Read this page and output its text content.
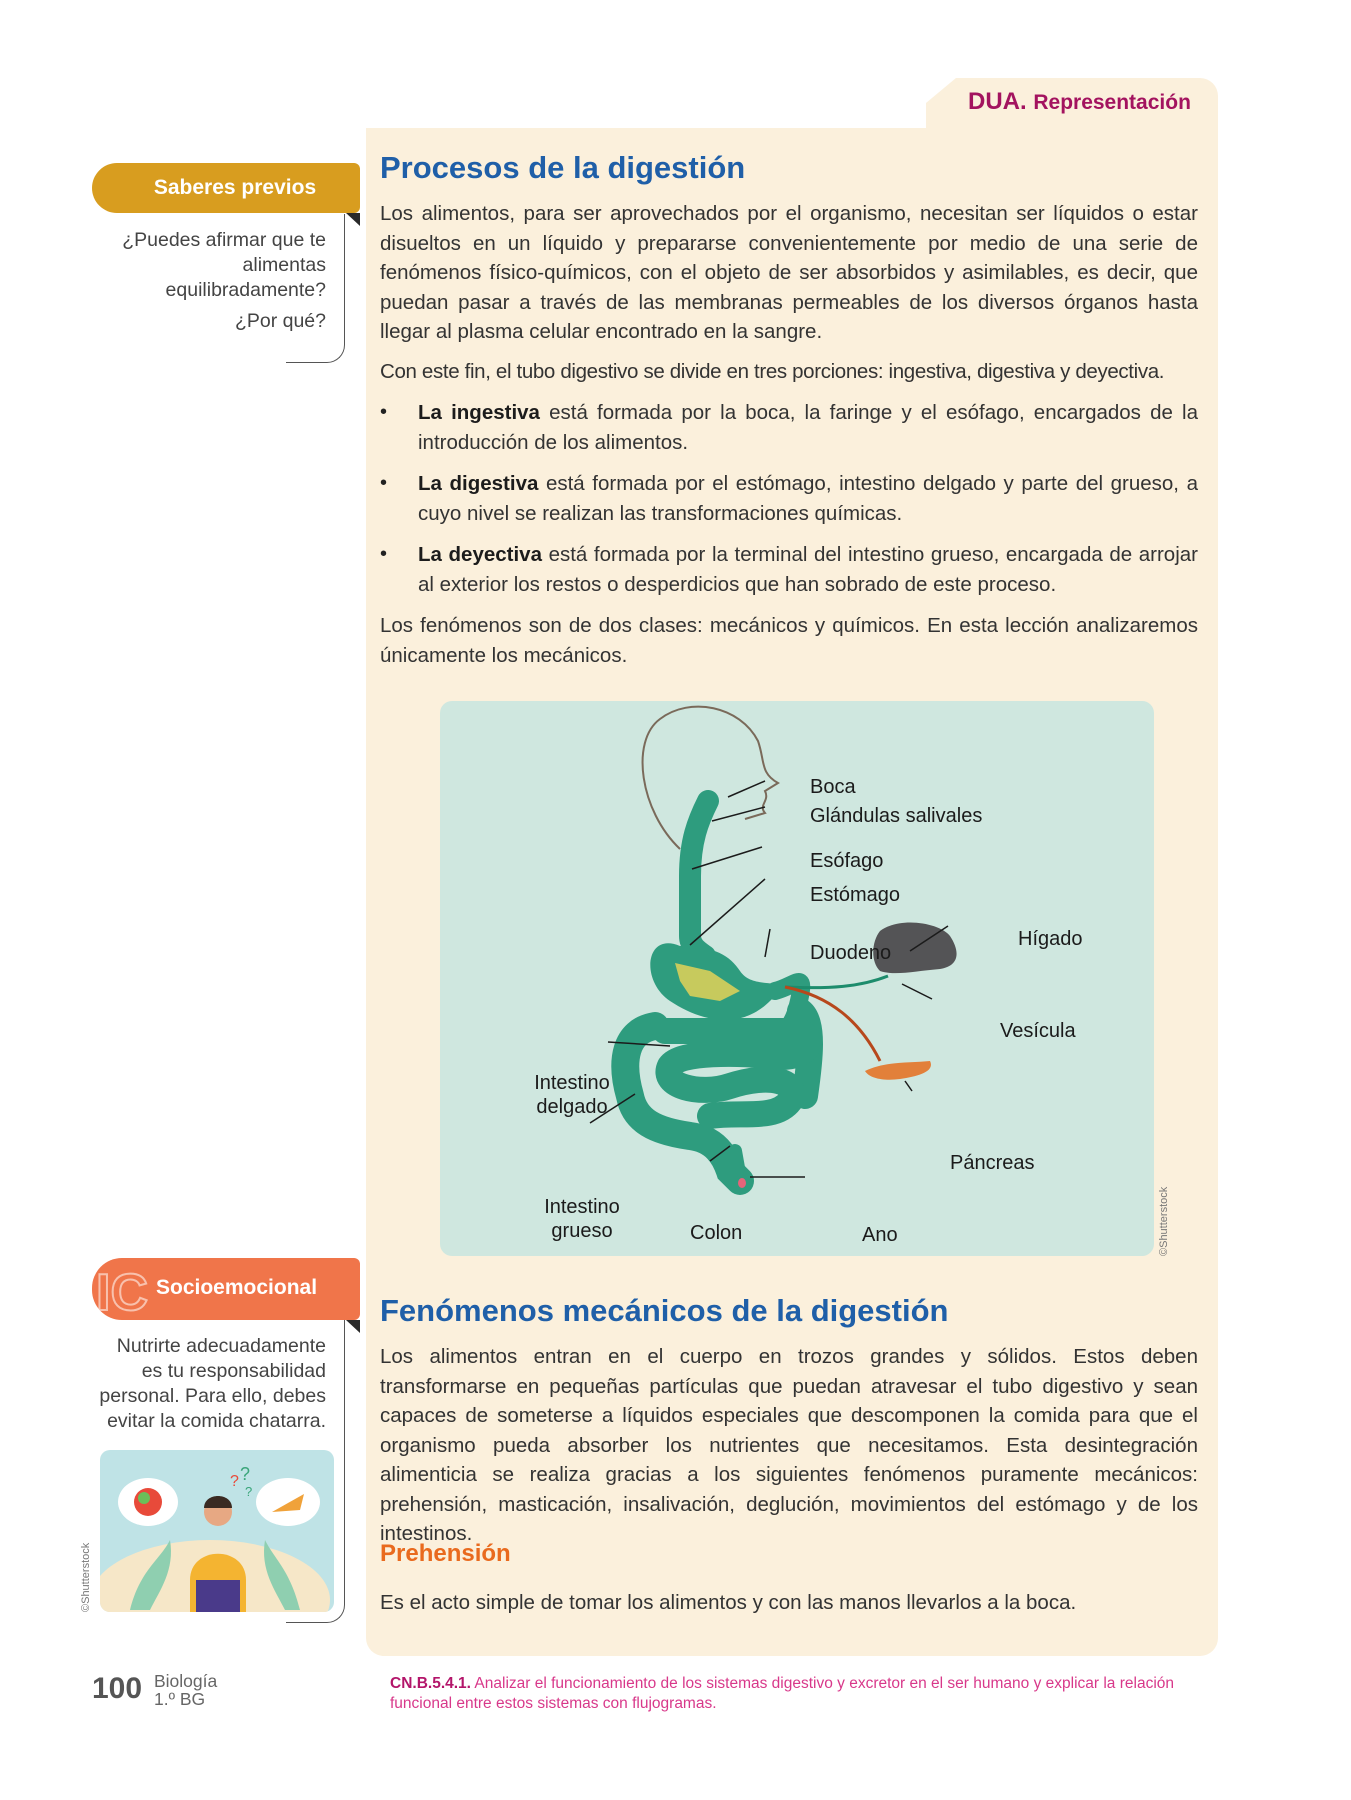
DUA. Representación
Saberes previos
¿Puedes afirmar que te
alimentas
equilibradamente?
¿Por qué?
Procesos de la digestión

Los alimentos, para ser aprovechados por el organismo, necesitan ser líquidos o estar disueltos en un líquido y prepararse convenientemente por medio de una serie de fenómenos físico-químicos, con el objeto de ser absorbidos y asimilables, es decir, que puedan pasar a través de las membranas permeables de los diversos órganos hasta llegar al plasma celular encontrado en la sangre.

Con este fin, el tubo digestivo se divide en tres porciones: ingestiva, digestiva y deyectiva.

• La ingestiva está formada por la boca, la faringe y el esófago, encargados de la introducción de los alimentos.
• La digestiva está formada por el estómago, intestino delgado y parte del grueso, a cuyo nivel se realizan las transformaciones químicas.
• La deyectiva está formada por la terminal del intestino grueso, encargada de arrojar al exterior los restos o desperdicios que han sobrado de este proceso.

Los fenómenos son de dos clases: mecánicos y químicos. En esta lección analizaremos únicamente los mecánicos.

Boca
Glándulas salivales
Esófago
Estómago
Duodeno
Hígado
Vesícula
Intestino
delgado
Páncreas
Intestino
grueso	Colon	Ano	©Shutterstock
IC Socioemocional
Nutrirte adecuadamente
es tu responsabilidad
personal. Para ello, debes
evitar la comida chatarra.
? ?
?
©Shutterstock
Fenómenos mecánicos de la digestión

Los alimentos entran en el cuerpo en trozos grandes y sólidos. Estos deben transformarse en pequeñas partículas que puedan atravesar el tubo digestivo y sean capaces de someterse a líquidos especiales que descomponen la comida para que el organismo pueda absorber los nutrientes que necesitamos. Esta desintegración alimenticia se realiza gracias a los siguientes fenómenos puramente mecánicos: prehensión, masticación, insalivación, deglución, movimientos del estómago y de los intestinos.

Prehensión

Es el acto simple de tomar los alimentos y con las manos llevarlos a la boca.

100 Biología
1.º BG
CN.B.5.4.1. Analizar el funcionamiento de los sistemas digestivo y excretor en el ser humano y explicar la relación funcional entre estos sistemas con flujogramas.
